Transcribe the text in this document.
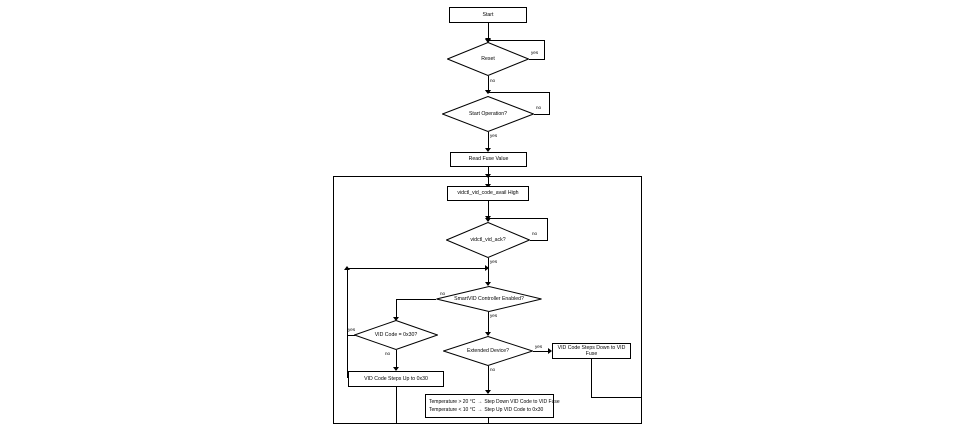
Start
Reset
yes
no
Start Operation?
no
yes
Read Fuse Value
vidctl_vid_code_avail High
vidctl_vid_ack?
no
yes
SmartVID Controller Enabled?
no
yes
VID Code = 0x30?
yes
no
VID Code Steps Up to 0x30
Extended Device?
yes	VID Code Steps Down to VID Fuse
no
Temperature > 20 °C → Step Down VID Code to VID Fuse
Temperature < 10 °C → Step Up VID Code to 0x30
